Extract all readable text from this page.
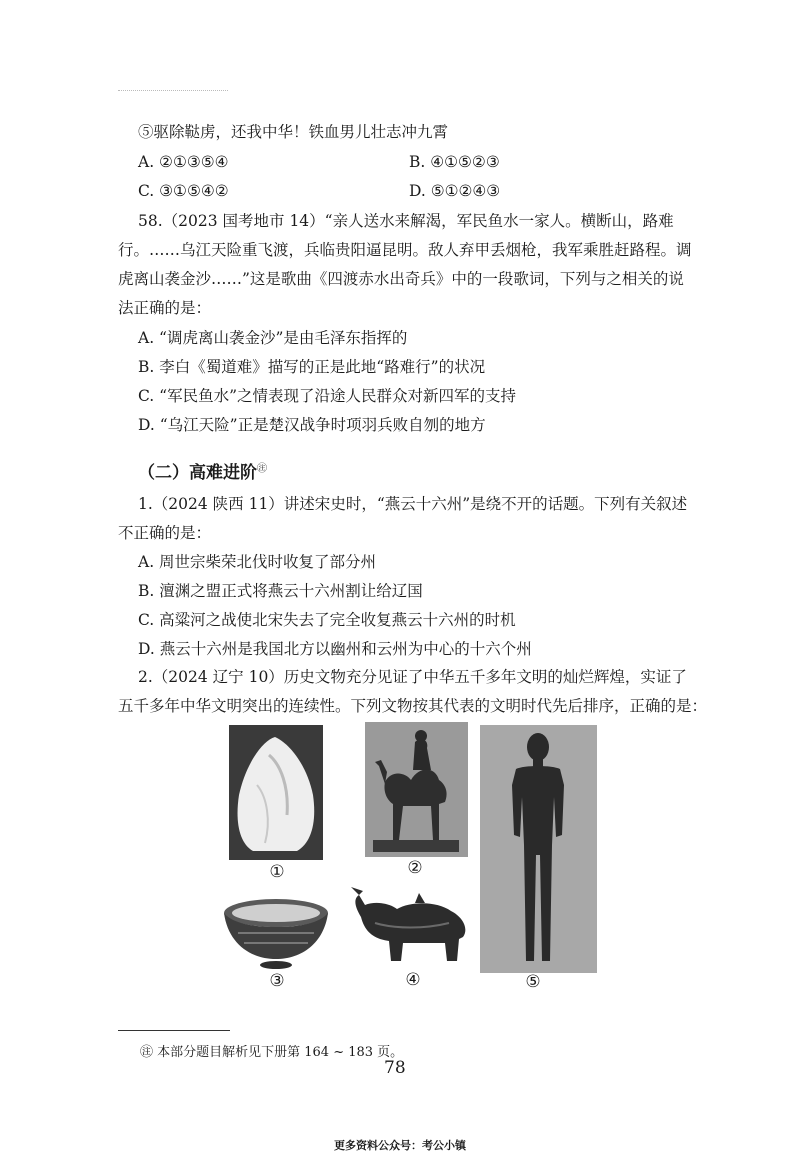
⑤驱除鞑虏，还我中华！铁血男儿壮志冲九霄
A. ②①③⑤④	B. ④①⑤②③
C. ③①⑤④②	D. ⑤①②④③
58.（2023 国考地市 14）“亲人送水来解渴，军民鱼水一家人。横断山，路难
行。……乌江天险重飞渡，兵临贵阳逼昆明。敌人弃甲丢烟枪，我军乘胜赶路程。调
虎离山袭金沙……”这是歌曲《四渡赤水出奇兵》中的一段歌词，下列与之相关的说
法正确的是：
A. “调虎离山袭金沙”是由毛泽东指挥的
B. 李白《蜀道难》描写的正是此地“路难行”的状况
C. “军民鱼水”之情表现了沿途人民群众对新四军的支持
D. “乌江天险”正是楚汉战争时项羽兵败自刎的地方
（二）高难进阶㊟
1.（2024 陕西 11）讲述宋史时，“燕云十六州”是绕不开的话题。下列有关叙述
不正确的是：
A. 周世宗柴荣北伐时收复了部分州
B. 澶渊之盟正式将燕云十六州割让给辽国
C. 高粱河之战使北宋失去了完全收复燕云十六州的时机
D. 燕云十六州是我国北方以幽州和云州为中心的十六个州
2.（2024 辽宁 10）历史文物充分见证了中华五千多年文明的灿烂辉煌，实证了
五千多年中华文明突出的连续性。下列文物按其代表的文明时代先后排序，正确的是：
①	②
③	④	⑤
㊟ 本部分题目解析见下册第 164 ~ 183 页。
78
更多资料公众号：考公小镇
